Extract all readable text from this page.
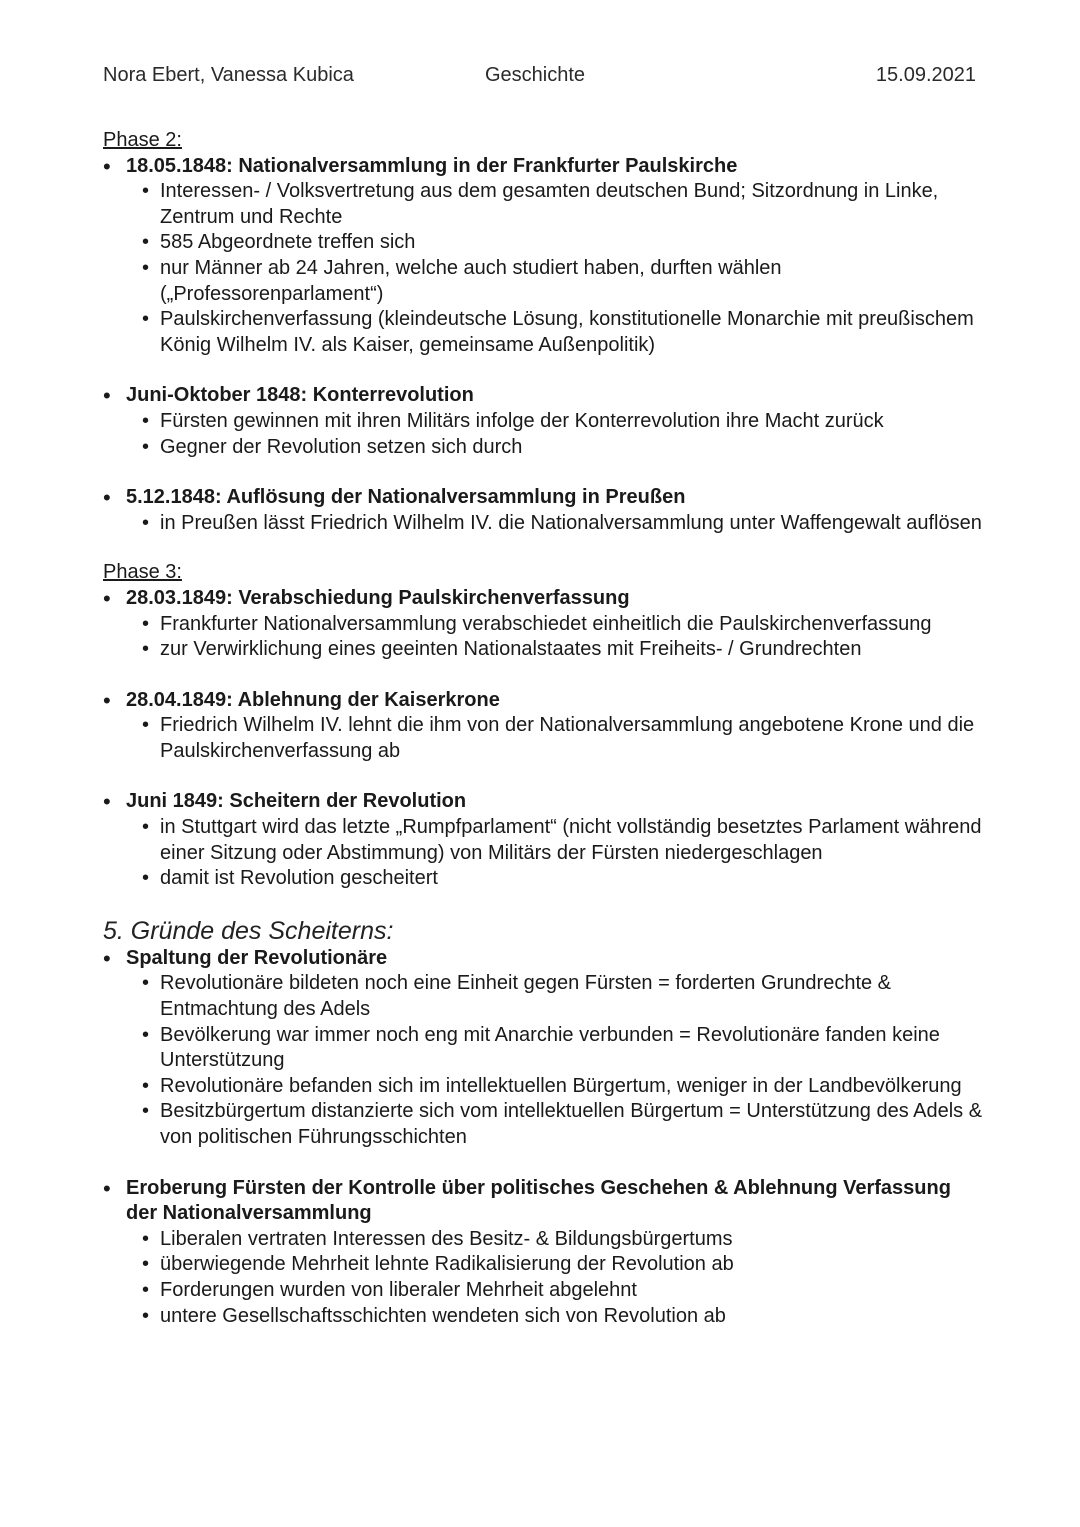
Nora Ebert, Vanessa Kubica	Geschichte	15.09.2021
Phase 2:
• 18.05.1848: Nationalversammlung in der Frankfurter Paulskirche
• Interessen- / Volksvertretung aus dem gesamten deutschen Bund; Sitzordnung in Linke, Zentrum und Rechte
• 585 Abgeordnete treffen sich
• nur Männer ab 24 Jahren, welche auch studiert haben, durften wählen („Professorenparlament“)
• Paulskirchenverfassung (kleindeutsche Lösung, konstitutionelle Monarchie mit preußischem König Wilhelm IV. als Kaiser, gemeinsame Außenpolitik)
• Juni-Oktober 1848: Konterrevolution
• Fürsten gewinnen mit ihren Militärs infolge der Konterrevolution ihre Macht zurück
• Gegner der Revolution setzen sich durch
• 5.12.1848: Auflösung der Nationalversammlung in Preußen
• in Preußen lässt Friedrich Wilhelm IV. die Nationalversammlung unter Waffengewalt auflösen
Phase 3:
• 28.03.1849: Verabschiedung Paulskirchenverfassung
• Frankfurter Nationalversammlung verabschiedet einheitlich die Paulskirchenverfassung
• zur Verwirklichung eines geeinten Nationalstaates mit Freiheits- / Grundrechten
• 28.04.1849: Ablehnung der Kaiserkrone
• Friedrich Wilhelm IV. lehnt die ihm von der Nationalversammlung angebotene Krone und die Paulskirchenverfassung ab
• Juni 1849: Scheitern der Revolution
• in Stuttgart wird das letzte „Rumpfparlament“ (nicht vollständig besetztes Parlament während einer Sitzung oder Abstimmung) von Militärs der Fürsten niedergeschlagen
• damit ist Revolution gescheitert
5. Gründe des Scheiterns:
• Spaltung der Revolutionäre
• Revolutionäre bildeten noch eine Einheit gegen Fürsten = forderten Grundrechte & Entmachtung des Adels
• Bevölkerung war immer noch eng mit Anarchie verbunden = Revolutionäre fanden keine Unterstützung
• Revolutionäre befanden sich im intellektuellen Bürgertum, weniger in der Landbevölkerung
• Besitzbürgertum distanzierte sich vom intellektuellen Bürgertum = Unterstützung des Adels & von politischen Führungsschichten
• Eroberung Fürsten der Kontrolle über politisches Geschehen & Ablehnung Verfassung der Nationalversammlung
• Liberalen vertraten Interessen des Besitz- & Bildungsbürgertums
• überwiegende Mehrheit lehnte Radikalisierung der Revolution ab
• Forderungen wurden von liberaler Mehrheit abgelehnt
• untere Gesellschaftsschichten wendeten sich von Revolution ab
